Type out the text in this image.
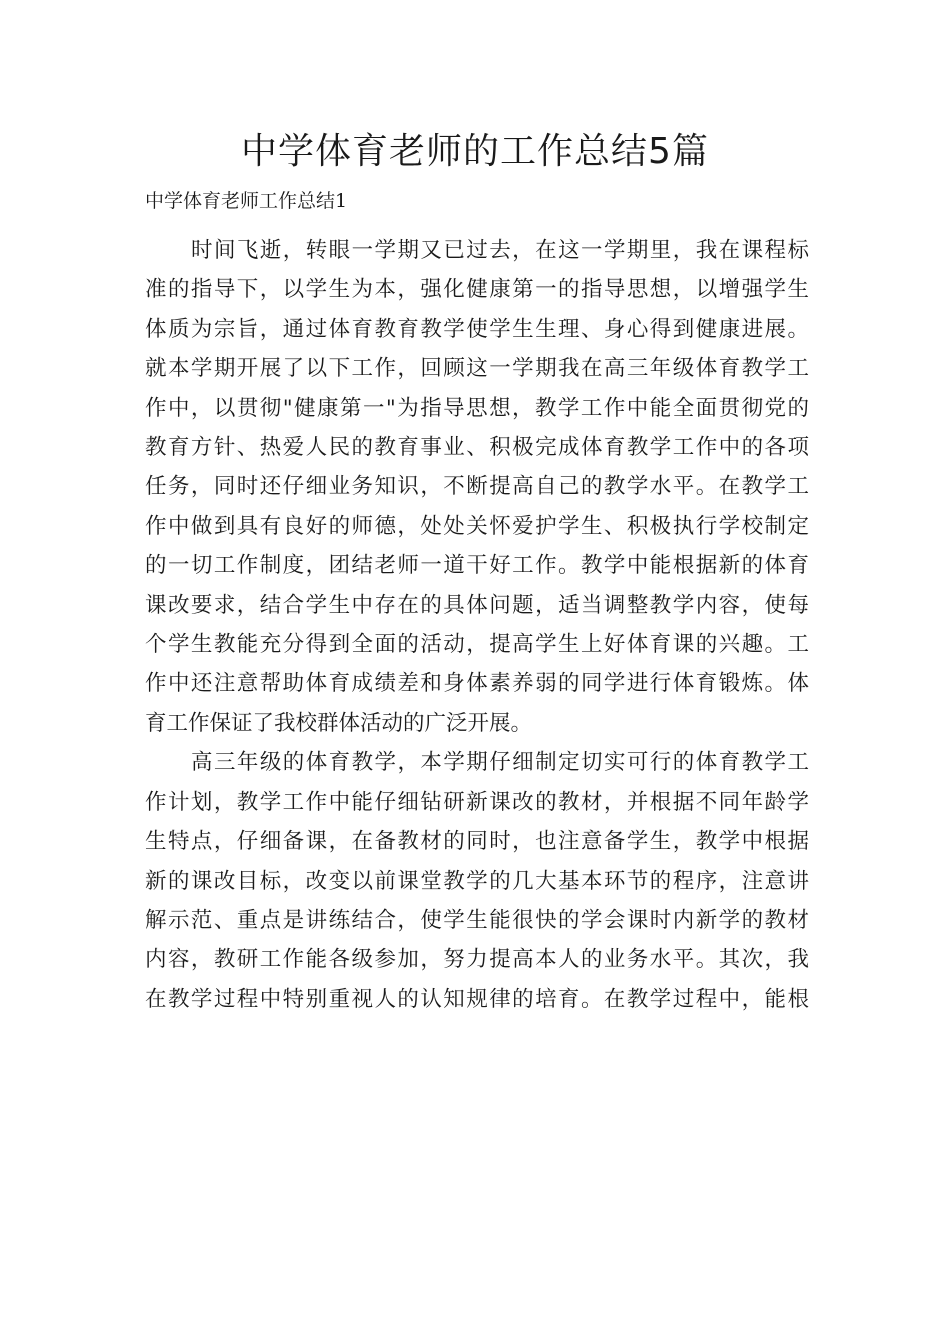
中学体育老师的工作总结5篇
中学体育老师工作总结1

时间飞逝，转眼一学期又已过去，在这一学期里，我在课程标
准的指导下，以学生为本，强化健康第一的指导思想，以增强学生
体质为宗旨，通过体育教育教学使学生生理、身心得到健康进展。
就本学期开展了以下工作，回顾这一学期我在高三年级体育教学工
作中，以贯彻"健康第一"为指导思想，教学工作中能全面贯彻党的
教育方针、热爱人民的教育事业、积极完成体育教学工作中的各项
任务，同时还仔细业务知识，不断提高自己的教学水平。在教学工
作中做到具有良好的师德，处处关怀爱护学生、积极执行学校制定
的一切工作制度，团结老师一道干好工作。教学中能根据新的体育
课改要求，结合学生中存在的具体问题，适当调整教学内容，使每
个学生教能充分得到全面的活动，提高学生上好体育课的兴趣。工
作中还注意帮助体育成绩差和身体素养弱的同学进行体育锻炼。体
育工作保证了我校群体活动的广泛开展。

高三年级的体育教学，本学期仔细制定切实可行的体育教学工
作计划，教学工作中能仔细钻研新课改的教材，并根据不同年龄学
生特点，仔细备课，在备教材的同时，也注意备学生，教学中根据
新的课改目标，改变以前课堂教学的几大基本环节的程序，注意讲
解示范、重点是讲练结合，使学生能很快的学会课时内新学的教材
内容，教研工作能各级参加，努力提高本人的业务水平。其次，我
在教学过程中特别重视人的认知规律的培育。在教学过程中，能根
